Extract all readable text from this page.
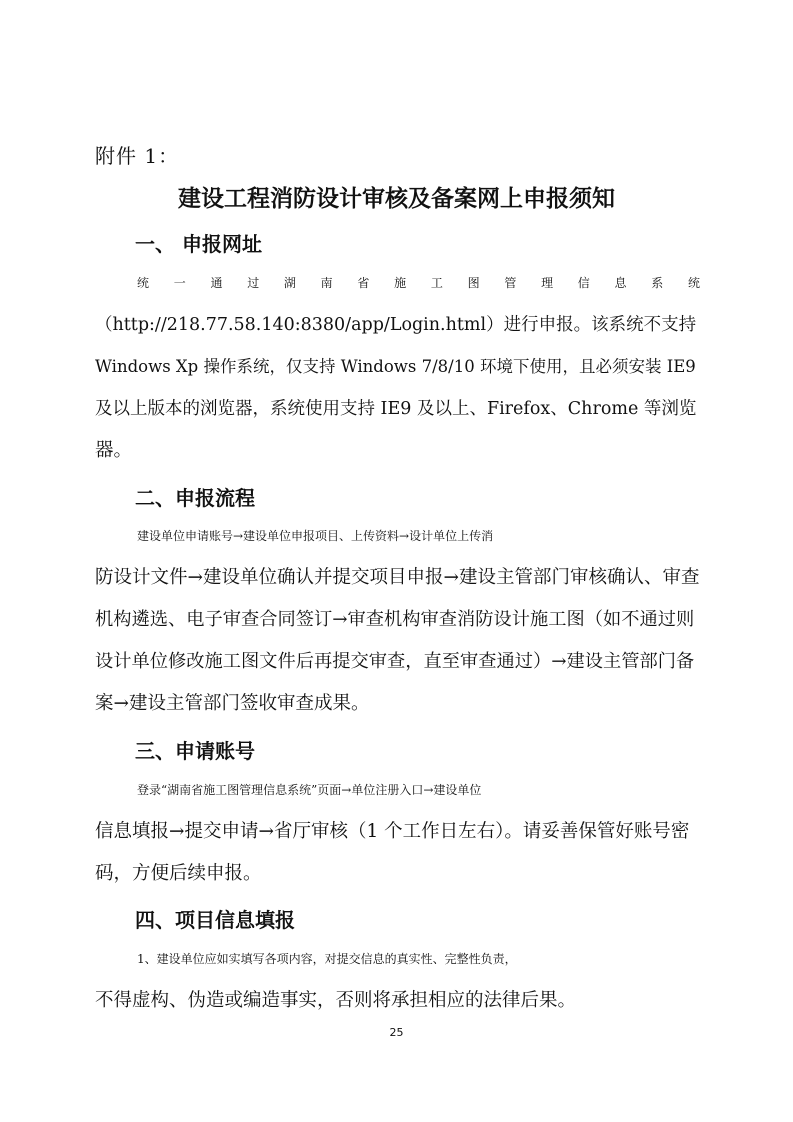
附件 1：
建设工程消防设计审核及备案网上申报须知
一、 申报网址
统 一 通 过 湖 南 省 施 工 图 管 理 信 息 系 统
（http://218.77.58.140:8380/app/Login.html）进行申报。该系统不支持
Windows Xp 操作系统，仅支持 Windows 7/8/10 环境下使用，且必须安装 IE9
及以上版本的浏览器，系统使用支持 IE9 及以上、Firefox、Chrome 等浏览
器。
二、申报流程
建设单位申请账号→建设单位申报项目、上传资料→设计单位上传消
防设计文件→建设单位确认并提交项目申报→建设主管部门审核确认、审查
机构遴选、电子审查合同签订→审查机构审查消防设计施工图（如不通过则
设计单位修改施工图文件后再提交审查，直至审查通过）→建设主管部门备
案→建设主管部门签收审查成果。
三、申请账号
登录“湖南省施工图管理信息系统”页面→单位注册入口→建设单位
信息填报→提交申请→省厅审核（1 个工作日左右）。请妥善保管好账号密
码，方便后续申报。
四、项目信息填报
1、建设单位应如实填写各项内容，对提交信息的真实性、完整性负责，
不得虚构、伪造或编造事实，否则将承担相应的法律后果。
25
